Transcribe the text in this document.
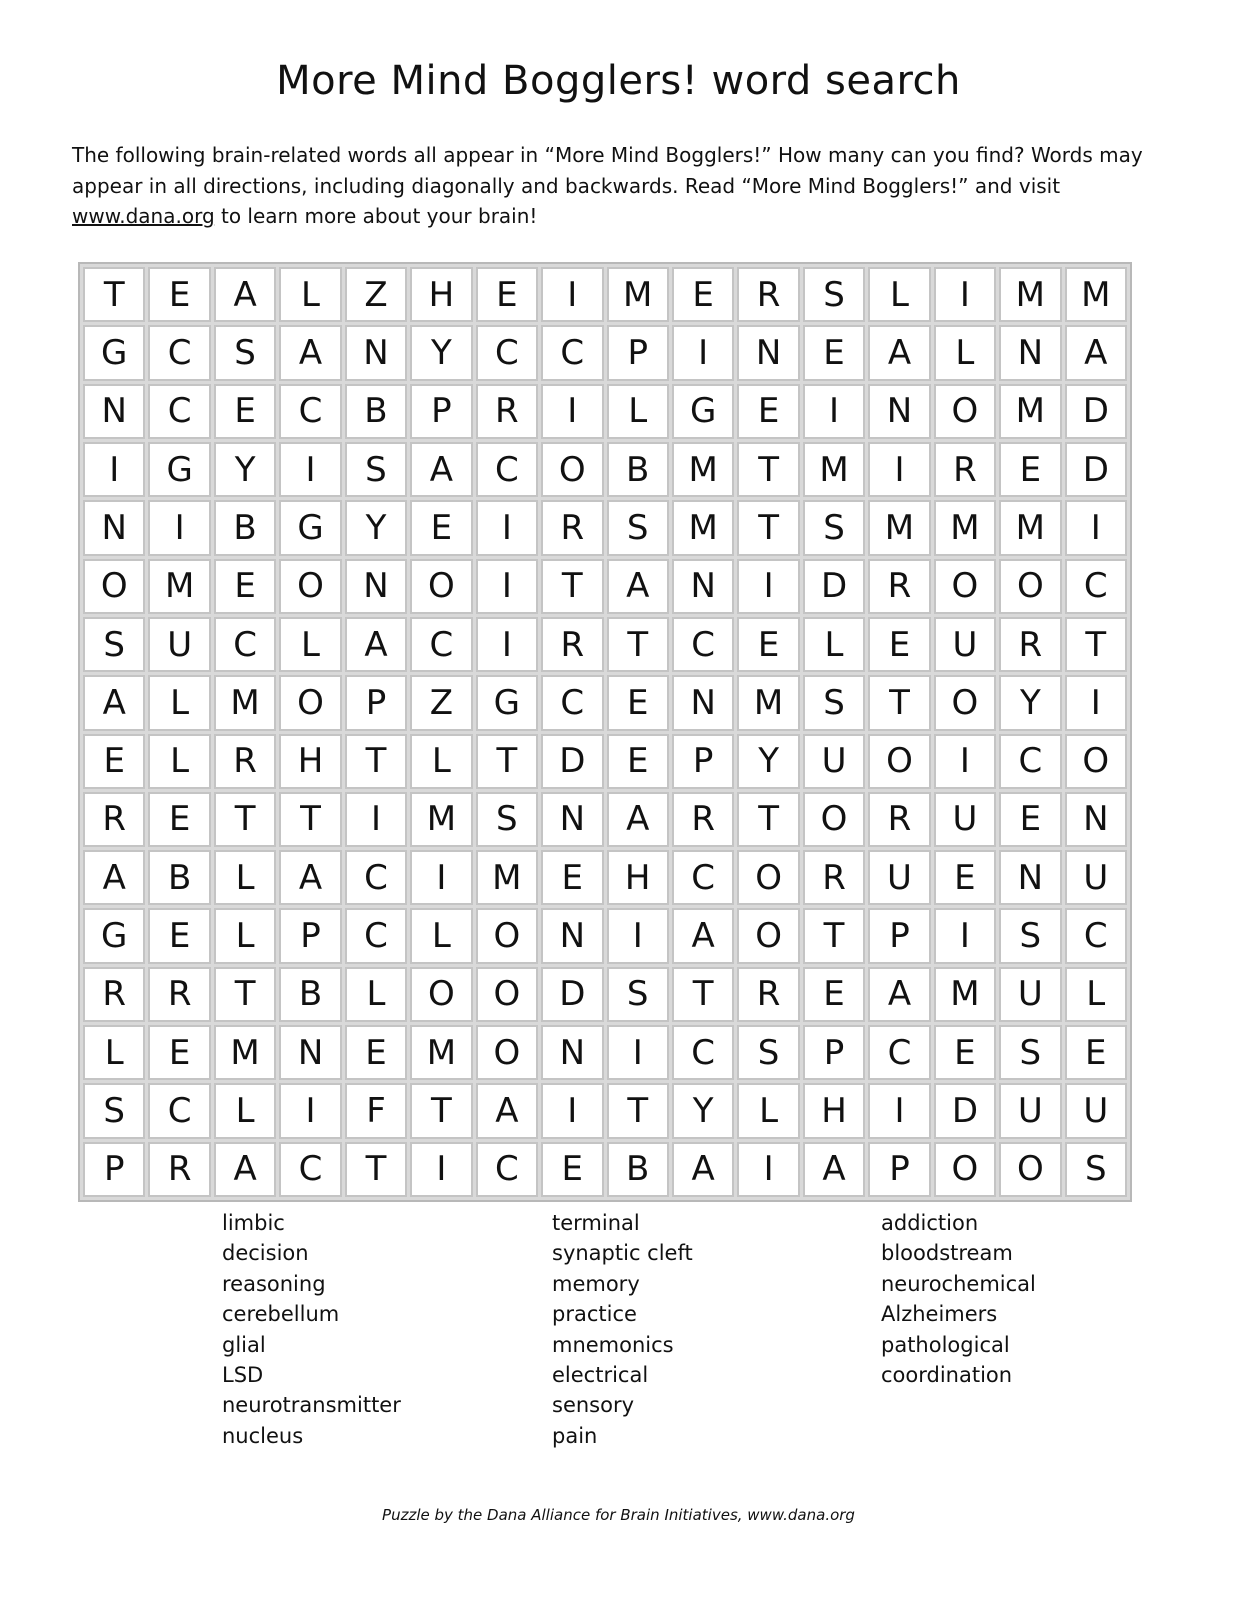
More Mind Bogglers! word search

The following brain-related words all appear in “More Mind Bogglers!” How many can you find? Words may appear in all directions, including diagonally and backwards. Read “More Mind Bogglers!” and visit www.dana.org to learn more about your brain!

T	E	A	L	Z	H	E	I	M	E	R	S	L	I	M	M
G	C	S	A	N	Y	C	C	P	I	N	E	A	L	N	A
N	C	E	C	B	P	R	I	L	G	E	I	N	O	M	D
I	G	Y	I	S	A	C	O	B	M	T	M	I	R	E	D
N	I	B	G	Y	E	I	R	S	M	T	S	M	M	M	I
O	M	E	O	N	O	I	T	A	N	I	D	R	O	O	C
S	U	C	L	A	C	I	R	T	C	E	L	E	U	R	T
A	L	M	O	P	Z	G	C	E	N	M	S	T	O	Y	I
E	L	R	H	T	L	T	D	E	P	Y	U	O	I	C	O
R	E	T	T	I	M	S	N	A	R	T	O	R	U	E	N
A	B	L	A	C	I	M	E	H	C	O	R	U	E	N	U
G	E	L	P	C	L	O	N	I	A	O	T	P	I	S	C
R	R	T	B	L	O	O	D	S	T	R	E	A	M	U	L
L	E	M	N	E	M	O	N	I	C	S	P	C	E	S	E
S	C	L	I	F	T	A	I	T	Y	L	H	I	D	U	U
P	R	A	C	T	I	C	E	B	A	I	A	P	O	O	S
limbic
decision
reasoning
cerebellum
glial
LSD
neurotransmitter
nucleus
terminal
synaptic cleft
memory
practice
mnemonics
electrical
sensory
pain
addiction
bloodstream
neurochemical
Alzheimers
pathological
coordination

Puzzle by the Dana Alliance for Brain Initiatives, www.dana.org
